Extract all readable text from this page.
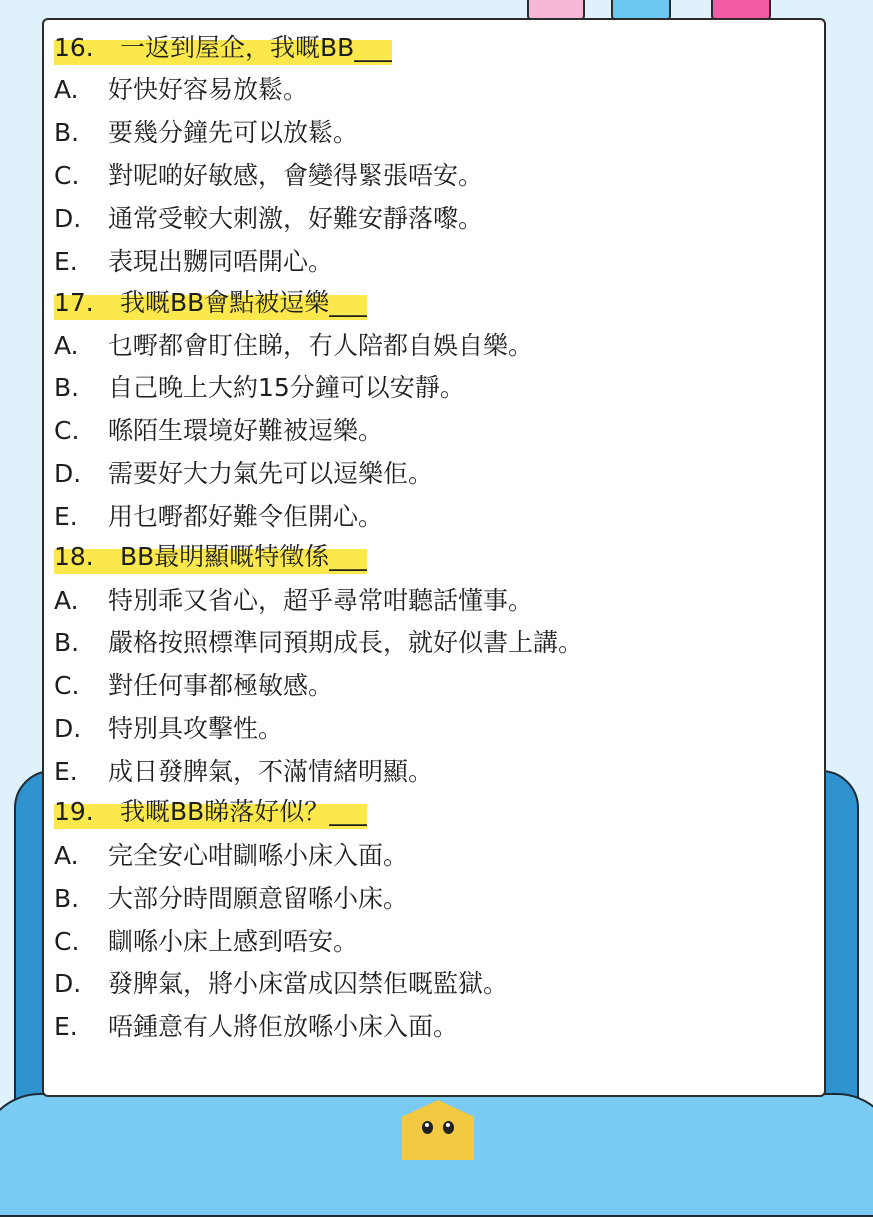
16. 一返到屋企，我嘅BB___
A. 好快好容易放鬆。
B. 要幾分鐘先可以放鬆。
C. 對呢啲好敏感，會變得緊張唔安。
D. 通常受較大刺激，好難安靜落嚟。
E. 表現出嬲同唔開心。
17. 我嘅BB會點被逗樂___
A. 乜嘢都會盯住睇，冇人陪都自娛自樂。
B. 自己晚上大約15分鐘可以安靜。
C. 喺陌生環境好難被逗樂。
D. 需要好大力氣先可以逗樂佢。
E. 用乜嘢都好難令佢開心。
18. BB最明顯嘅特徵係___
A. 特別乖又省心，超乎尋常咁聽話懂事。
B. 嚴格按照標準同預期成長，就好似書上講。
C. 對任何事都極敏感。
D. 特別具攻擊性。
E. 成日發脾氣，不滿情緒明顯。
19. 我嘅BB睇落好似？___
A. 完全安心咁瞓喺小床入面。
B. 大部分時間願意留喺小床。
C. 瞓喺小床上感到唔安。
D. 發脾氣，將小床當成囚禁佢嘅監獄。
E. 唔鍾意有人將佢放喺小床入面。
